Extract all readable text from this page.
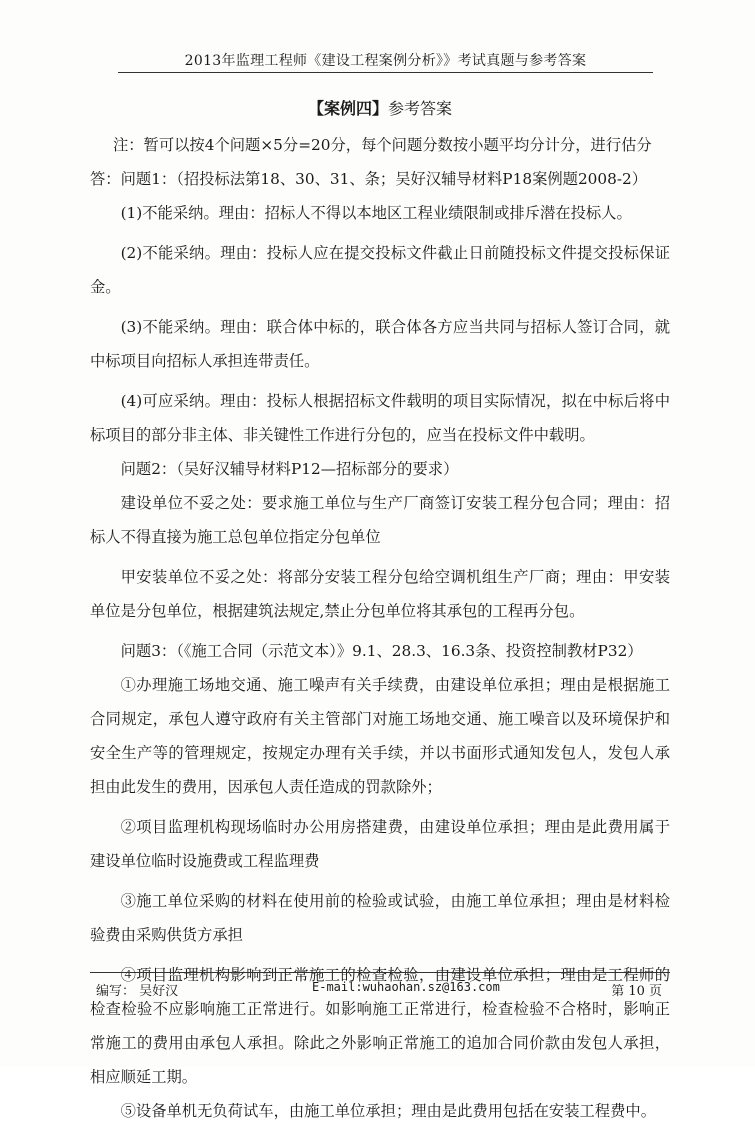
2013年监理工程师《建设工程案例分析》》考试真题与参考答案
【案例四】参考答案

注：暂可以按4个问题×5分=20分，每个问题分数按小题平均分计分，进行估分

答：问题1：（招投标法第18、30、31、条；吴好汉辅导材料P18案例题2008-2）

(1)不能采纳。理由：招标人不得以本地区工程业绩限制或排斥潜在投标人。

(2)不能采纳。理由：投标人应在提交投标文件截止日前随投标文件提交投标保证金。

(3)不能采纳。理由：联合体中标的，联合体各方应当共同与招标人签订合同，就中标项目向招标人承担连带责任。

(4)可应采纳。理由：投标人根据招标文件载明的项目实际情况，拟在中标后将中标项目的部分非主体、非关键性工作进行分包的，应当在投标文件中载明。

问题2：（吴好汉辅导材料P12—招标部分的要求）

建设单位不妥之处：要求施工单位与生产厂商签订安装工程分包合同；理由：招标人不得直接为施工总包单位指定分包单位

甲安装单位不妥之处：将部分安装工程分包给空调机组生产厂商；理由：甲安装单位是分包单位，根据建筑法规定,禁止分包单位将其承包的工程再分包。

问题3：（《施工合同（示范文本）》9.1、28.3、16.3条、投资控制教材P32）

①办理施工场地交通、施工噪声有关手续费，由建设单位承担；理由是根据施工合同规定，承包人遵守政府有关主管部门对施工场地交通、施工噪音以及环境保护和安全生产等的管理规定，按规定办理有关手续，并以书面形式通知发包人，发包人承担由此发生的费用，因承包人责任造成的罚款除外；

②项目监理机构现场临时办公用房搭建费，由建设单位承担；理由是此费用属于建设单位临时设施费或工程监理费

③施工单位采购的材料在使用前的检验或试验，由施工单位承担；理由是材料检验费由采购供货方承担

④项目监理机构影响到正常施工的检查检验，由建设单位承担；理由是工程师的检查检验不应影响施工正常进行。如影响施工正常进行，检查检验不合格时，影响正常施工的费用由承包人承担。除此之外影响正常施工的追加合同价款由发包人承担，相应顺延工期。

⑤设备单机无负荷试车，由施工单位承担；理由是此费用包括在安装工程费中。

编写： 吴好汉	E-mail:wuhaohan.sz@163.com	第 10 页
